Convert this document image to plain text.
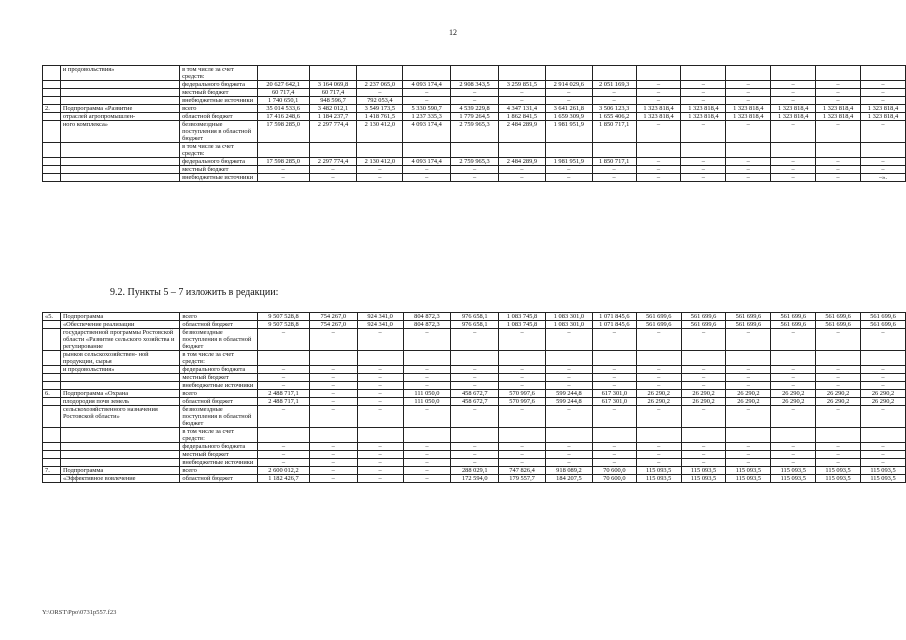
12
	и продовольствия»	в том числе за счет средств:														
		федерального бюджета	20 627 642,1	3 164 069,8	2 237 065,0	4 093 174,4	2 908 343,5	3 259 851,5	2 914 029,6	2 051 169,3	–	–	–	–	–	–
		местный бюджет	60 717,4	60 717,4	–	–	–	–	–	–	–	–	–	–	–	–
		внебюджетные источники	1 740 650,1	948 596,7	792 053,4	–	–	–	–	–	–	–	–	–	–	–
2.	Подпрограмма «Развитие	всего	35 014 533,6	3 482 012,1	3 549 173,5	5 330 590,7	4 539 229,8	4 347 131,4	3 641 261,8	3 506 123,3	1 323 818,4	1 323 818,4	1 323 818,4	1 323 818,4	1 323 818,4	1 323 818,4
	отраслей агропромышлен-	областной бюджет	17 416 248,6	1 184 237,7	1 418 761,5	1 237 335,3	1 779 264,5	1 862 841,5	1 659 309,9	1 655 406,2	1 323 818,4	1 323 818,4	1 323 818,4	1 323 818,4	1 323 818,4	1 323 818,4
	ного комплекса»	безвозмездные поступления в областной бюджет	17 598 285,0	2 297 774,4	2 130 412,0	4 093 174,4	2 759 965,3	2 484 289,9	1 981 951,9	1 850 717,1	–	–	–	–	–	–
		в том числе за счет средств:														
		федерального бюджета	17 598 285,0	2 297 774,4	2 130 412,0	4 093 174,4	2 759 965,3	2 484 289,9	1 981 951,9	1 850 717,1	–	–	–	–	–	–
		местный бюджет	–	–	–	–	–	–	–	–	–	–	–	–	–	–
		внебюджетные источники	–	–	–	–	–	–	–	–	–	–	–	–	–	–».
9.2. Пункты 5 – 7 изложить в редакции:
«5.	Подпрограмма	всего	9 507 528,8	754 267,0	924 341,0	804 872,3	976 658,1	1 083 745,8	1 083 301,0	1 071 845,6	561 699,6	561 699,6	561 699,6	561 699,6	561 699,6	561 699,6
	«Обеспечение реализации	областной бюджет	9 507 528,8	754 267,0	924 341,0	804 872,3	976 658,1	1 083 745,8	1 083 301,0	1 071 845,6	561 699,6	561 699,6	561 699,6	561 699,6	561 699,6	561 699,6
	государственной программы Ростовской области «Развитие сельского хозяйства и регулирование	безвозмездные поступления в областной бюджет	–	–	–	–	–	–	–	–	–	–	–	–	–	–
	рынков сельскохозяйствен- ной продукции, сырья	в том числе за счет средств:														
	и продовольствия»	федерального бюджета	–	–	–	–	–	–	–	–	–	–	–	–	–	–
		местный бюджет	–	–	–	–	–	–	–	–	–	–	–	–	–	–
		внебюджетные источники	–	–	–	–	–	–	–	–	–	–	–	–	–	–
6.	Подпрограмма «Охрана	всего	2 488 717,1	–	–	111 050,0	458 672,7	570 997,6	599 244,8	617 301,0	26 290,2	26 290,2	26 290,2	26 290,2	26 290,2	26 290,2
	плодородия почв земель	областной бюджет	2 488 717,1	–	–	111 050,0	458 672,7	570 997,6	599 244,8	617 301,0	26 290,2	26 290,2	26 290,2	26 290,2	26 290,2	26 290,2
	сельскохозяйственного назначения Ростовской области»	безвозмездные поступления в областной бюджет	–	–	–	–	–	–	–	–	–	–	–	–	–	–
		в том числе за счет средств:														
		федерального бюджета	–	–	–	–	–	–	–	–	–	–	–	–	–	–
		местный бюджет	–	–	–	–	–	–	–	–	–	–	–	–	–	–
		внебюджетные источники	–	–	–	–	–	–	–	–	–	–	–	–	–	–
7.	Подпрограмма	всего	2 600 012,2	–	–	–	288 029,1	747 826,4	918 089,2	70 600,0	115 093,5	115 093,5	115 093,5	115 093,5	115 093,5	115 093,5
	«Эффективное вовлечение	областной бюджет	1 182 426,7	–	–	–	172 594,0	179 557,7	184 207,5	70 600,0	115 093,5	115 093,5	115 093,5	115 093,5	115 093,5	115 093,5
Y:\ORST\Ppo\0731p557.f23
